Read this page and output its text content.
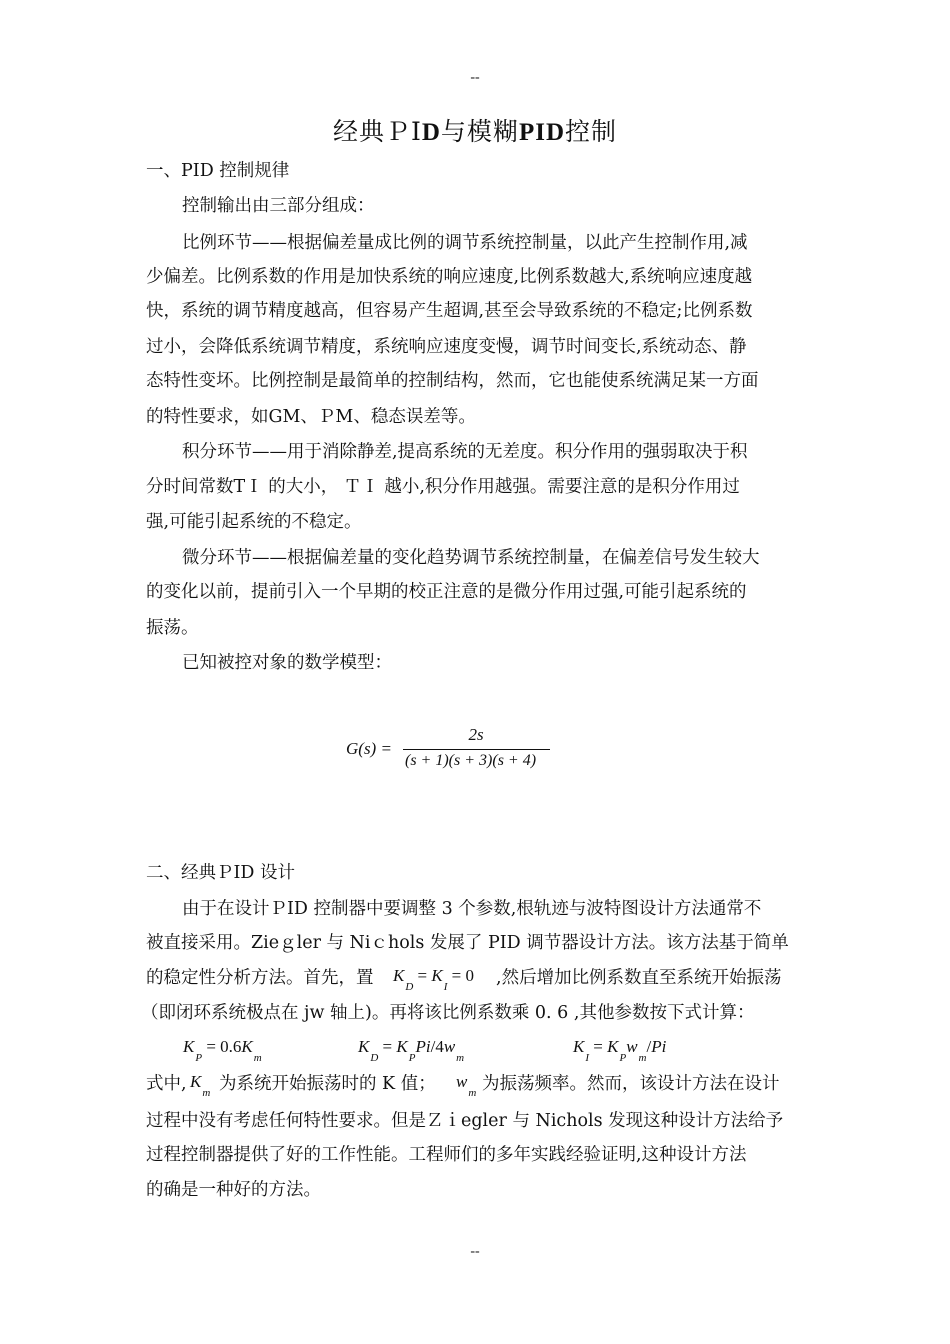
--
经典ＰID与模糊PID控制
一、PID 控制规律
控制输出由三部分组成：
比例环节——根据偏差量成比例的调节系统控制量，以此产生控制作用,减
少偏差。比例系数的作用是加快系统的响应速度,比例系数越大,系统响应速度越
快，系统的调节精度越高，但容易产生超调,甚至会导致系统的不稳定;比例系数
过小，会降低系统调节精度，系统响应速度变慢，调节时间变长,系统动态、静
态特性变坏。比例控制是最简单的控制结构，然而，它也能使系统满足某一方面
的特性要求，如GM、ＰM、稳态误差等。
积分环节——用于消除静差,提高系统的无差度。积分作用的强弱取决于积
分时间常数TＩ 的大小， ＴＩ 越小,积分作用越强。需要注意的是积分作用过
强,可能引起系统的不稳定。
微分环节——根据偏差量的变化趋势调节系统控制量，在偏差信号发生较大
的变化以前，提前引入一个早期的校正注意的是微分作用过强,可能引起系统的
振荡。
已知被控对象的数学模型：
G(s) =
2s
(s + 1)(s + 3)(s + 4)
二、经典ＰID 设计
由于在设计ＰID 控制器中要调整 3 个参数,根轨迹与波特图设计方法通常不
被直接采用。Zieｇler 与 Niｃhols 发展了 PID 调节器设计方法。该方法基于简单
的稳定性分析方法。首先，置 $K_D = K_I = 0$ ,然后增加比例系数直至系统开始振荡
（即闭环系统极点在 jw 轴上)。再将该比例系数乘 0. 6 ,其他参数按下式计算：
$K_P = 0.6K_m$
$K_D = K_PPi/4w_m$
$K_I = K_Pw_m/Pi$
式中, $K_m$ 为系统开始振荡时的 K 值； $w_m$ 为振荡频率。然而，该设计方法在设计
过程中没有考虑任何特性要求。但是Ｚｉegler 与 Nichols 发现这种设计方法给予
过程控制器提供了好的工作性能。工程师们的多年实践经验证明,这种设计方法
的确是一种好的方法。
--
